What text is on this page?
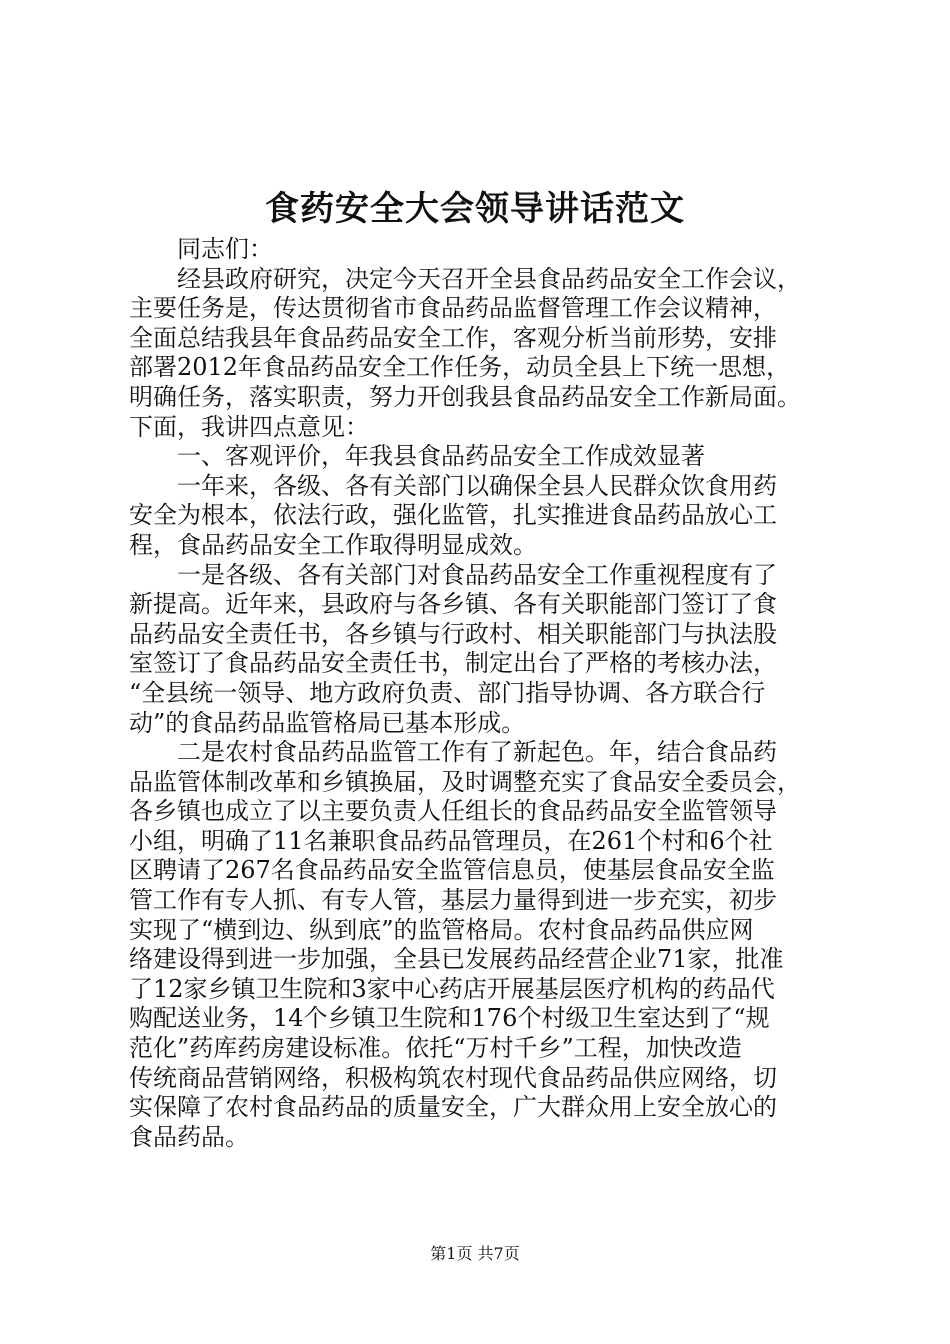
食药安全大会领导讲话范文

同志们：

经县政府研究，决定今天召开全县食品药品安全工作会议，
主要任务是，传达贯彻省市食品药品监督管理工作会议精神，
全面总结我县年食品药品安全工作，客观分析当前形势，安排
部署2012年食品药品安全工作任务，动员全县上下统一思想，
明确任务，落实职责，努力开创我县食品药品安全工作新局面。
下面，我讲四点意见：

一、客观评价，年我县食品药品安全工作成效显著

一年来，各级、各有关部门以确保全县人民群众饮食用药
安全为根本，依法行政，强化监管，扎实推进食品药品放心工
程，食品药品安全工作取得明显成效。

一是各级、各有关部门对食品药品安全工作重视程度有了
新提高。近年来，县政府与各乡镇、各有关职能部门签订了食
品药品安全责任书，各乡镇与行政村、相关职能部门与执法股
室签订了食品药品安全责任书，制定出台了严格的考核办法，
“全县统一领导、地方政府负责、部门指导协调、各方联合行
动”的食品药品监管格局已基本形成。

二是农村食品药品监管工作有了新起色。年，结合食品药
品监管体制改革和乡镇换届，及时调整充实了食品安全委员会，
各乡镇也成立了以主要负责人任组长的食品药品安全监管领导
小组，明确了11名兼职食品药品管理员，在261个村和6个社
区聘请了267名食品药品安全监管信息员，使基层食品安全监
管工作有专人抓、有专人管，基层力量得到进一步充实，初步
实现了“横到边、纵到底”的监管格局。农村食品药品供应网
络建设得到进一步加强，全县已发展药品经营企业71家，批准
了12家乡镇卫生院和3家中心药店开展基层医疗机构的药品代
购配送业务，14个乡镇卫生院和176个村级卫生室达到了“规
范化”药库药房建设标准。依托“万村千乡”工程，加快改造
传统商品营销网络，积极构筑农村现代食品药品供应网络，切
实保障了农村食品药品的质量安全，广大群众用上安全放心的
食品药品。

第1页 共7页
